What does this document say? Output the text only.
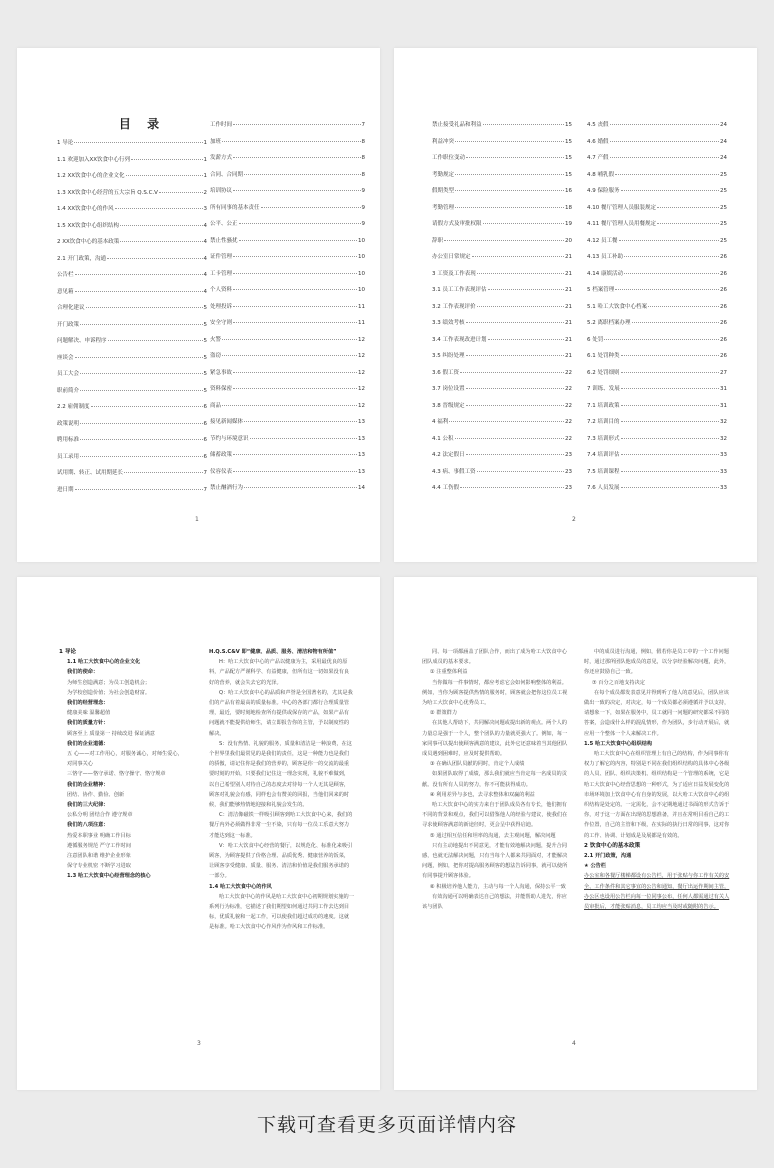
目 录
1 导论	1
1.1 欢迎加入XX饮食中心行列	1
1.2 XX饮食中心的企业文化	1
1.3 XX饮食中心经营的五大宗旨 Q.S.C.V	2
1.4 XX饮食中心的作风	3
1.5 XX饮食中心组织结构	4
2 XX饮食中心的基本政策	4
2.1 开门政策，沟通	4
公告栏	4
意见箱	4
合理化建议	5
开门政策	5
问题解决、申诉程序	5
座谈会	5
员工大会	5
职前简介	5
2.2 雇佣制度	6
政策说明	6
聘用标准	6
员工录用	6
试用期、转正、试用期延长	7
进日期	7
工作时间	7
加班	8
发薪方式	8
合同、合同期	8
培训协议	9
所有同事的基本责任	9
公平、公正	9
禁止性骚扰	10
证件管理	10
工卡管理	10
个人资料	10
处理投诉	11
安全守则	11
火警	12
盗窃	12
紧急事故	12
资料保密	12
商品	12
接见新闻媒体	13
节约与环境意识	13
储蓄政策	13
仪容仪表	13
禁止酗酒行为	14
1
禁止接受礼品和利益	15
利益冲突	15
工作职位变动	15
考勤规定	15
假期类型	16
考勤管理	18
请假方式及审批权限	19
辞职	20
办公室日常规定	21
3 工资及工作表现	21
3.1 员工工作表现评估	21
3.2 工作表现评价	21
3.3 绩效考核	21
3.4 工作表现改进计划	21
3.5 纠纷处理	21
3.6 假工资	22
3.7 岗位设置	22
3.8 晋级规定	22
4 福利	22
4.1 公积	22
4.2 法定假日	23
4.3 病、事假工资	23
4.4 工伤假	23
4.5 丧假	24
4.6 婚假	24
4.7 产假	24
4.8 哺乳假	25
4.9 保险服务	25
4.10 餐厅管理人员服装规定	25
4.11 餐厅管理人员用餐规定	25
4.12 员工餐	25
4.13 员工补助	26
4.14 康娱活动	26
5 档案管理	26
5.1 哈工大饮食中心档案	26
5.2 离职档案办理	26
6 处罚	26
6.1 处罚种类	26
6.2 处罚细则	27
7 训练、发展	31
7.1 培训政策	31
7.2 培训目的	32
7.3 培训形式	32
7.4 培训评估	33
7.5 培训课程	33
7.6 人员发展	33
2

1 导论

1.1 哈工大饮食中心的企业文化

我们的使命：

为师生创造满意；为员工创造机会；

为学校创造价值；为社会创造财富。

我们的经营理念：

健康美味 温馨超值

我们的质量方针：

顾客至上 质量第一 持续改进 保证满意

我们的企业道德：

五 心——对工作用心，对服务诚心，对师生爱心，

对同事关心

三恪守——恪守承诺、恪守操守、恪守规章

我们的企业精神：

团结、协作、勤俭、创新

我们的三大纪律：

公私分明 团结合作 遵守规章

我们的八项注意：

热爱本职事业 明确工作目标

遵循服务规范 严守工作时间

注意团队和谐 维护企业形象

保守专业机密 不断学习进取

1.3 哈工大饮食中心经营理念的核心

H.Q.S.C&V 即“健康、品质、服务、清洁和物有所值”

H：哈工大饮食中心的产品以健康为主，采用最优良的原料，产品配方严谨科学、有益健康，但所有这一切如果没有良好的营养，就会失去它的光泽。

Q：哈工大饮食中心的品质和声誉是全国著名的，尤其是我们的产品有着最高的质量标准。中心的各部门都行合理质量管理，最近，要时刻地检查所有提供或保存的产品，如果产品有问题就不能提供给师生，请立即报告你的主管，予以制度性的解决。

S：没有热情、礼貌的服务，质量和清洁是一种浪费，在这个世界里我们最常见的是我们的责任，这是一种能力也是我们的骄傲，请记住你是我们的营养的，顾客是你一的交流的最重要时刻的开始，只要我们记住这一理念实现，礼貌不难做到，以自己希望别人对待自己的态度去对待每一个人无其是顾客，顾客对礼貌会有感，同样也会有赞美的回报，当他们回来的时候，我们能够热情地迎接和礼貌会发生的。

C：清洁像磁铁一样吸引顾客到哈工大饮食中心来，我们的餐厅内外必须做得非常一尘不染，只有每一位员工乐意大努力才能达到这一标准。

V：哈工大饮食中心经营的餐厅，以规范化、标准化来吸引顾客，为顾客提供了价格合理、品质优秀、健康营养的饭菜，让顾客享受健康、质量、服务、清洁和价值是我们服务承诺的一部分。

1.4 哈工大饮食中心的作风

哈工大饮食中心的作风是哈工大饮食中心初期规划实施的一系列行为标准，它描述了我们期望如何通过共同工作去达到目标，优质礼貌和一起工作，可以使我们超过成功的速度。这就是标准。哈工大饮食中心作风作为作风和工作标准。

3

同、每一项都涵盖了团队合作，而出了成为哈工大饮食中心团队成员的基本要求。

① 注重整体利益

当你做每一件事情时，都应考虑它会如何影响整体的利益。例如，当你为顾客提供热情的服务时，顾客就会把你这位员工视为哈工大饮食中心优秀员工。

② 群策群力

在其他人帮助下，共同解决问题或提出新的观点。两个人的力量总是强于一个人，整个团队的力量就更强大了。例如，每一家同事可以提出使顾客满意的建议，此外它还意味着当其他团队成员遇到困难时，应及时提供帮助。

③ 在确认团队员献的同时，肯定个人成绩

如果团队取得了成绩，那么我们就应当肯定每一名成员的贡献。没有所有人员的努力，你不可能获得成功。

④ 利用差异与多也，去寻求整体和双赢的利益

哈工大饮食中心的实力来自于团队成员各有专长，他们拥有不同的背景和观点，我们可以借鉴他人的经验与建议，使我们在寻求使顾客满意的新途径时，更会呈中获得启迪。

⑤ 通过相互信任和坦率的沟通，去主观问题，解决问题

只有主动地提出不同意见，才能有效地解决问题，提升合同感，也就无法解决问题，只有当每个人都来共同面对，才能解决问题，例如，把你对提高服务顾客的想法告诉同事，就可以使所有同事提升顾客体验。

⑥ 积极培养他人能力，主动与每一个人沟通，保持公平一致

有效沟通可以明确表达自己的想法，并能帮助人进先，你应该与团队

中的成员进行沟通，例如，假若你是员工中的一个工作问题时，通过那所团队他成员的意见，以分享经验解决问题，此外，你还应鼓励自己一致。

⑦ 百分之百地支持决定

在每个成员都发表意见并得到听了他人的意见后，团队应该做出一致的决定，对决定，每一个成员都必须遵循并予以支持，请想象一下，如果在服务中，员工就同一问题的研究都采不同的答案，会造成什么样的混乱情形，作为团队，步行动开展后，就应用一个整体一个人来解决工作。

1.5 哈工大饮食中心组织结构

哈工大饮食中心在组织管理上有自己的结构，作为同事你有权力了解它的内容，特别是不同在我们组织结构的具体中心各级的人员、团队、组织决策机、组织结构是一个管理的系统，它是哈工大饮食中心经营思想的一种形式，为了适应日益发展变化的市场环境加上饮食中心有自身的发展，以大哈工大饮食中心的组织结构是处定的。一定需化，会不定期地通过书面的形式告诉于你，对于这一方面在出现的思想准备，并且在常明目看自己的工作位置，自己的主管和下级，在实际的执行日常的同事，这对你的工作、协调、计划成是及展都是有效的。

2 饮食中心的基本政策

2.1 开门政策，沟通

★ 公告栏

办公室和各餐厅楼梯都设有公告栏，用于张贴与你工作有关的安全、工作条件和其它事宜的公告和通知，餐厅出运作期间主管，办公区也设用公告栏向每一位同事公布，任何人都需通过有关人员审批后，才能张贴消息，员工均应当及时或随附的告示。

4
下载可查看更多页面详情内容
